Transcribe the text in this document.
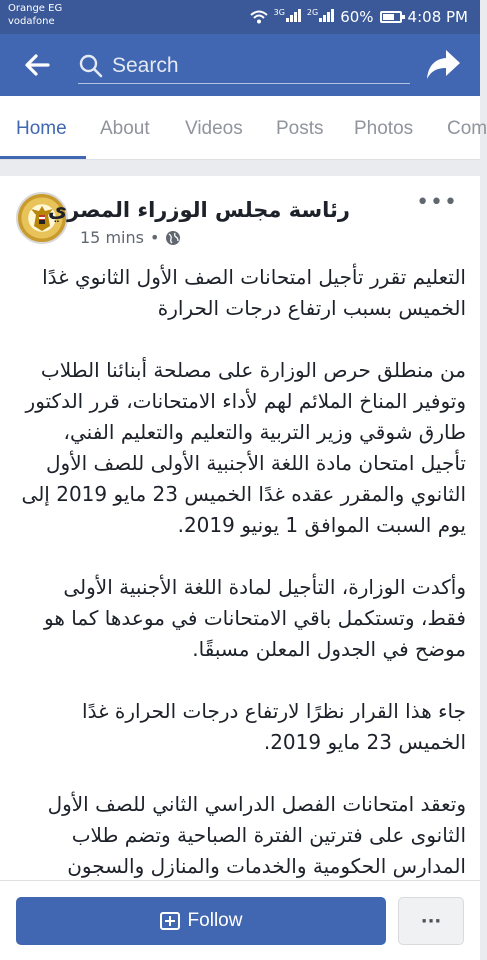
Orange EG
vodafone
$^{3G}$	$^{2G}$	60% 4:08 PM
Search
Home About Videos Posts Photos Com
رئاسة مجلس الوزراء المصري
15 mins •
•••

التعليم تقرر تأجيل امتحانات الصف الأول الثانوي غدًا الخميس بسبب ارتفاع درجات الحرارة

من منطلق حرص الوزارة على مصلحة أبنائنا الطلاب وتوفير المناخ الملائم لهم لأداء الامتحانات، قرر الدكتور طارق شوقي وزير التربية والتعليم والتعليم الفني، تأجيل امتحان مادة اللغة الأجنبية الأولى للصف الأول الثانوي والمقرر عقده غدًا الخميس 23 مايو 2019 إلى يوم السبت الموافق 1 يونيو 2019.

وأكدت الوزارة، التأجيل لمادة اللغة الأجنبية الأولى فقط، وتستكمل باقي الامتحانات في موعدها كما هو موضح في الجدول المعلن مسبقًا.

جاء هذا القرار نظرًا لارتفاع درجات الحرارة غدًا الخميس 23 مايو 2019.

وتعقد امتحانات الفصل الدراسي الثاني للصف الأول الثانوى على فترتين الفترة الصباحية وتضم طلاب المدارس الحكومية والخدمات والمنازل والسجون

Follow	···
